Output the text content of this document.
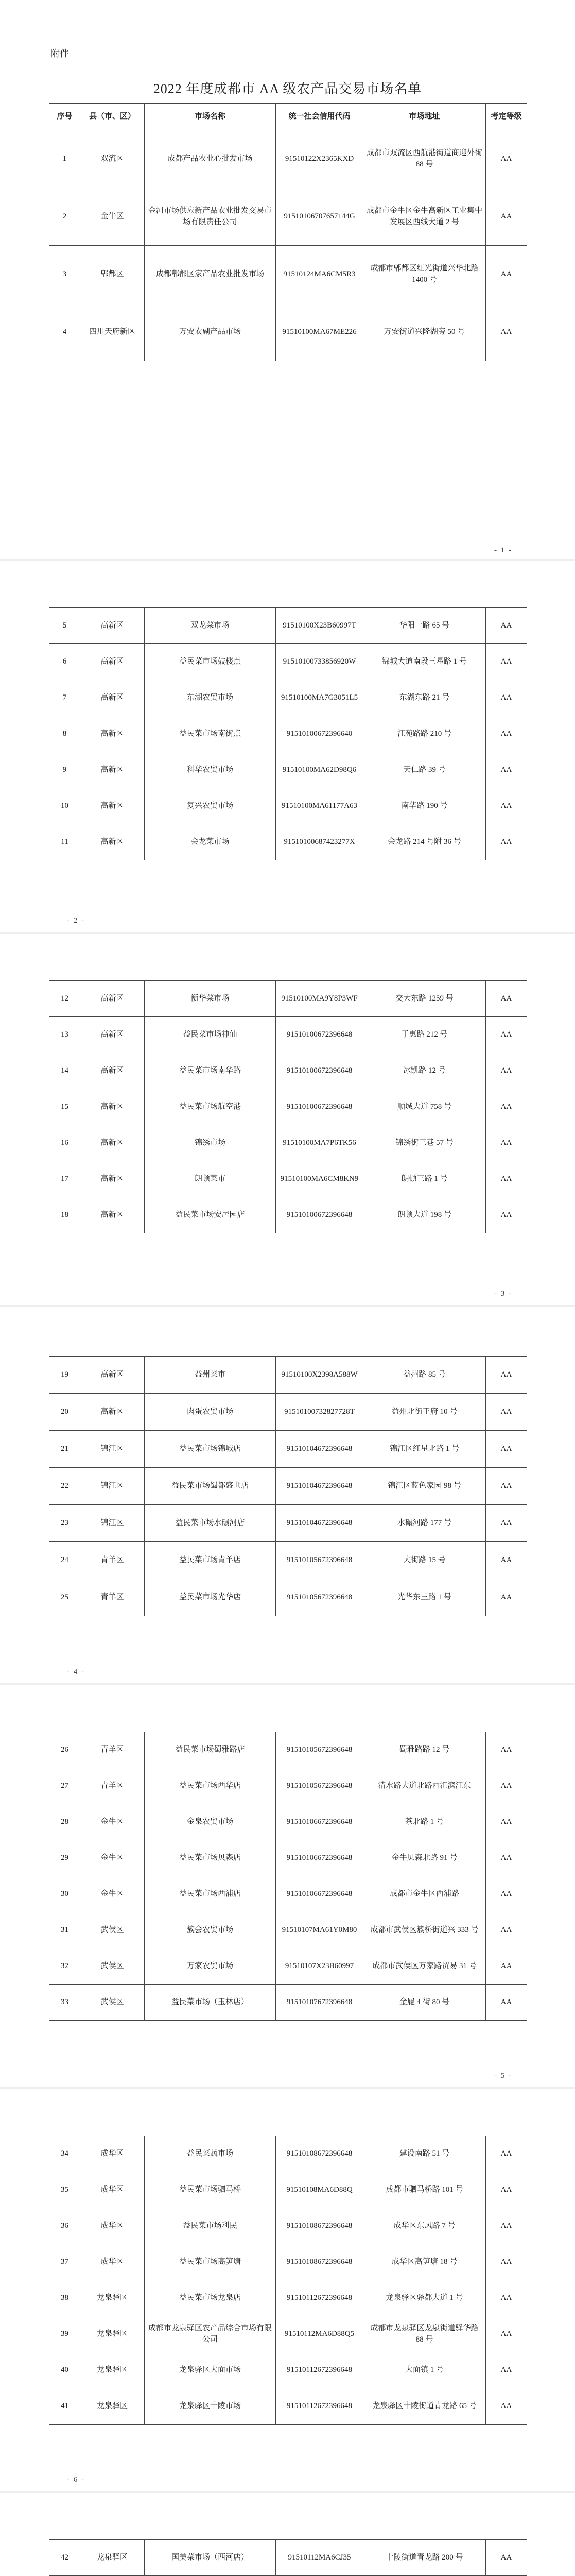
附件
2022 年度成都市 AA 级农产品交易市场名单
序号	县（市、区）	市场名称	统一社会信用代码	市场地址	考定等级
1	双流区	成都产品农业心批发市场	91510122X2365KXD	成都市双流区西航港街道商迎外街 88 号	AA
2	金牛区	金河市场供应新产品农业批发交易市场有限责任公司	91510106707657144G	成都市金牛区金牛高新区工业集中发展区西线大道 2 号	AA
3	郫都区	成都郫都区家产品农业批发市场	91510124MA6CM5R3	成都市郫都区红光街道兴华北路 1400 号	AA
4	四川天府新区	万安农副产品市场	91510100MA67ME226	万安街道兴隆湖旁 50 号	AA
- 1 -
5	高新区	双龙菜市场	91510100X23B60997T	华阳一路 65 号	AA
6	高新区	益民菜市场鼓楼点	91510100733856920W	锦城大道南段三星路 1 号	AA
7	高新区	东湖农贸市场	91510100MA7G3051L5	东湖东路 21 号	AA
8	高新区	益民菜市场南街点	91510100672396640	江苑路路 210 号	AA
9	高新区	科华农贸市场	91510100MA62D98Q6	天仁路 39 号	AA
10	高新区	复兴农贸市场	91510100MA61177A63	南华路 190 号	AA
11	高新区	会龙菜市场	91510100687423277X	会龙路 214 号附 36 号	AA
- 2 -
12	高新区	衡华菜市场	91510100MA9Y8P3WF	交大东路 1259 号	AA
13	高新区	益民菜市场神仙	91510100672396648	于惠路 212 号	AA
14	高新区	益民菜市场南华路	91510100672396648	冰凯路 12 号	AA
15	高新区	益民菜市场航空港	91510100672396648	顺城大道 758 号	AA
16	高新区	锦绣市场	91510100MA7P6TK56	锦绣街三巷 57 号	AA
17	高新区	朗顿菜市	91510100MA6CM8KN9	朗顿三路 1 号	AA
18	高新区	益民菜市场安居园店	91510100672396648	朗顿大道 198 号	AA
- 3 -
19	高新区	益州菜市	91510100X2398A588W	益州路 85 号	AA
20	高新区	肉蛋农贸市场	91510100732827728T	益州北街王府 10 号	AA
21	锦江区	益民菜市场锦城店	91510104672396648	锦江区红星北路 1 号	AA
22	锦江区	益民菜市场蜀都盛世店	91510104672396648	锦江区蓝色家园 98 号	AA
23	锦江区	益民菜市场水碾河店	91510104672396648	水碾河路 177 号	AA
24	青羊区	益民菜市场青羊店	91510105672396648	大街路 15 号	AA
25	青羊区	益民菜市场光华店	91510105672396648	光华东三路 1 号	AA
- 4 -
26	青羊区	益民菜市场蜀雅路店	91510105672396648	蜀雅路路 12 号	AA
27	青羊区	益民菜市场西华店	91510105672396648	清水路大道北路西汇滨江东	AA
28	金牛区	金泉农贸市场	91510106672396648	茶北路 1 号	AA
29	金牛区	益民菜市场贝森店	91510106672396648	金牛贝森北路 91 号	AA
30	金牛区	益民菜市场西浦店	91510106672396648	成都市金牛区西浦路	AA
31	武侯区	簇会农贸市场	91510107MA61Y0M80	成都市武侯区簇桥街道兴 333 号	AA
32	武侯区	万家农贸市场	91510107X23B60997	成都市武侯区万家路贸易 31 号	AA
33	武侯区	益民菜市场（玉林店）	91510107672396648	金履 4 街 80 号	AA
- 5 -
34	成华区	益民菜蔬市场	91510108672396648	建设南路 51 号	AA
35	成华区	益民菜市场驷马桥	91510108MA6D88Q	成都市驷马桥路 101 号	AA
36	成华区	益民菜市场利民	91510108672396648	成华区东风路 7 号	AA
37	成华区	益民菜市场高笋塘	91510108672396648	成华区高笋塘 18 号	AA
38	龙泉驿区	益民菜市场龙泉店	91510112672396648	龙泉驿区驿都大道 1 号	AA
39	龙泉驿区	成都市龙泉驿区农产品综合市场有限公司	91510112MA6D88Q5	成都市龙泉驿区龙泉街道驿华路 88 号	AA
40	龙泉驿区	龙泉驿区大面市场	91510112672396648	大面镇 1 号	AA
41	龙泉驿区	龙泉驿区十陵市场	91510112672396648	龙泉驿区十陵街道青龙路 65 号	AA
- 6 -
42	龙泉驿区	国美菜市场（西河店）	91510112MA6CJ35	十陵街道青龙路 200 号	AA
